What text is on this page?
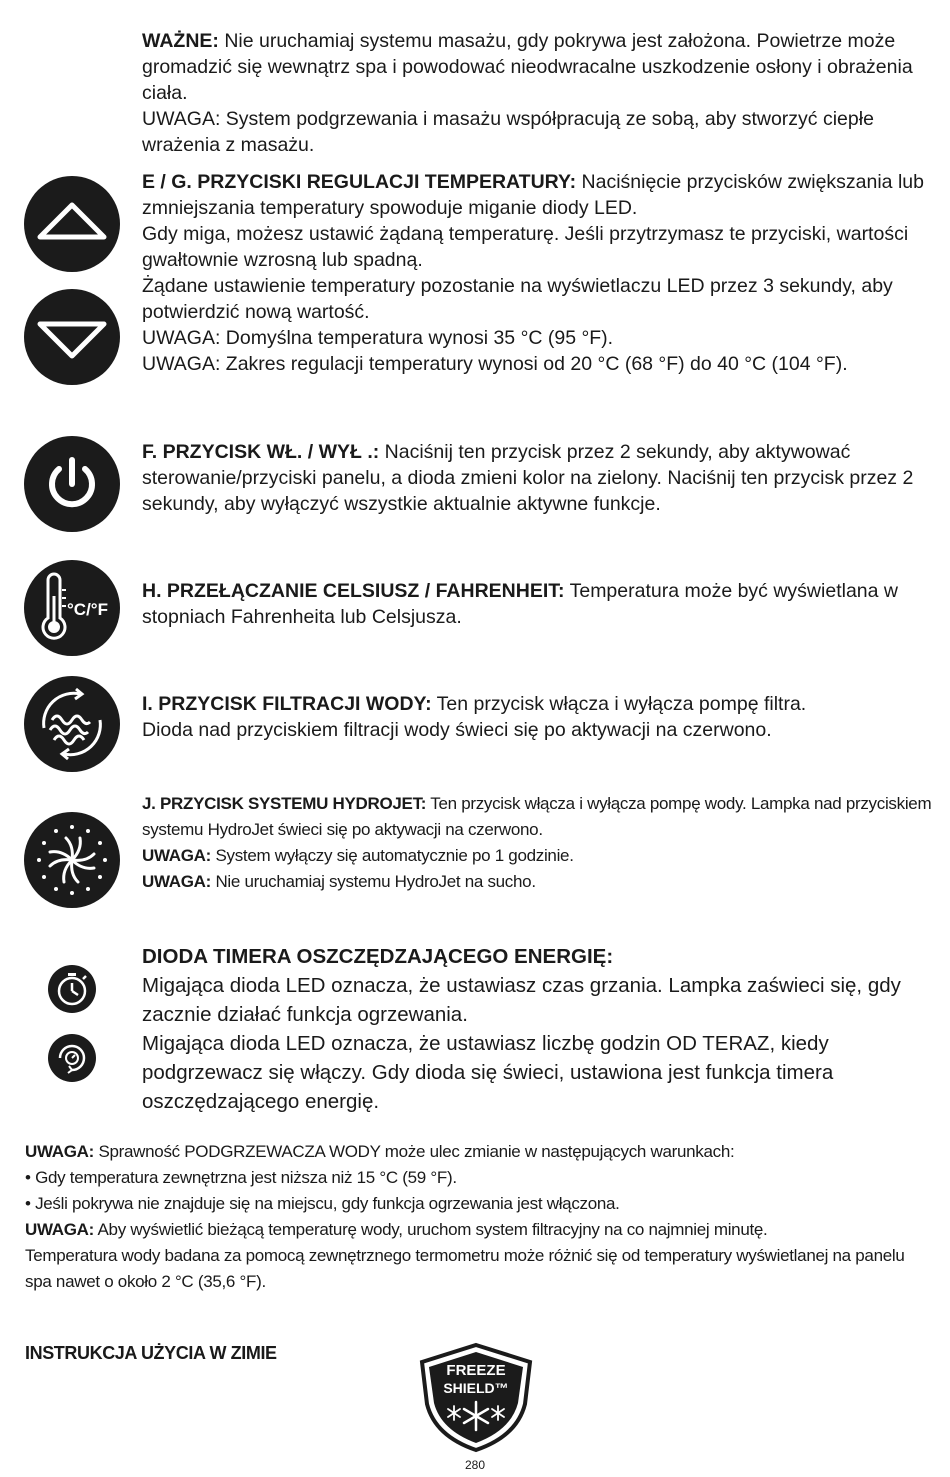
WAŻNE: Nie uruchamiaj systemu masażu, gdy pokrywa jest założona. Powietrze może gromadzić się wewnątrz spa i powodować nieodwracalne uszkodzenie osłony i obrażenia ciała.

UWAGA: System podgrzewania i masażu współpracują ze sobą, aby stworzyć ciepłe wrażenia z masażu.

E / G. PRZYCISKI REGULACJI TEMPERATURY: Naciśnięcie przycisków zwiększania lub zmniejszania temperatury spowoduje miganie diody LED.

Gdy miga, możesz ustawić żądaną temperaturę. Jeśli przytrzymasz te przyciski, wartości gwałtownie wzrosną lub spadną.

Żądane ustawienie temperatury pozostanie na wyświetlaczu LED przez 3 sekundy, aby potwierdzić nową wartość.

UWAGA: Domyślna temperatura wynosi 35 °C (95 °F).

UWAGA: Zakres regulacji temperatury wynosi od 20 °C (68 °F) do 40 °C (104 °F).

F. PRZYCISK WŁ. / WYŁ .: Naciśnij ten przycisk przez 2 sekundy, aby aktywować sterowanie/przyciski panelu, a dioda zmieni kolor na zielony. Naciśnij ten przycisk przez 2 sekundy, aby wyłączyć wszystkie aktualnie aktywne funkcje.

°C/°F

H. PRZEŁĄCZANIE CELSIUSZ / FAHRENHEIT: Temperatura może być wyświetlana w stopniach Fahrenheita lub Celsjusza.

I. PRZYCISK FILTRACJI WODY: Ten przycisk włącza i wyłącza pompę filtra.

Dioda nad przyciskiem filtracji wody świeci się po aktywacji na czerwono.

J. PRZYCISK SYSTEMU HYDROJET: Ten przycisk włącza i wyłącza pompę wody. Lampka nad przyciskiem systemu HydroJet świeci się po aktywacji na czerwono.

UWAGA: System wyłączy się automatycznie po 1 godzinie.

UWAGA: Nie uruchamiaj systemu HydroJet na sucho.

DIODA TIMERA OSZCZĘDZAJĄCEGO ENERGIĘ:

Migająca dioda LED oznacza, że ustawiasz czas grzania. Lampka zaświeci się, gdy zacznie działać funkcja ogrzewania.

Migająca dioda LED oznacza, że ustawiasz liczbę godzin OD TERAZ, kiedy podgrzewacz się włączy. Gdy dioda się świeci, ustawiona jest funkcja timera oszczędzającego energię.

UWAGA: Sprawność PODGRZEWACZA WODY może ulec zmianie w następujących warunkach:

• Gdy temperatura zewnętrzna jest niższa niż 15 °C (59 °F).

• Jeśli pokrywa nie znajduje się na miejscu, gdy funkcja ogrzewania jest włączona.

UWAGA: Aby wyświetlić bieżącą temperaturę wody, uruchom system filtracyjny na co najmniej minutę.

Temperatura wody badana za pomocą zewnętrznego termometru może różnić się od temperatury wyświetlanej na panelu spa nawet o około 2 °C (35,6 °F).

INSTRUKCJA UŻYCIA W ZIMIE
FREEZE
SHIELD™
280
